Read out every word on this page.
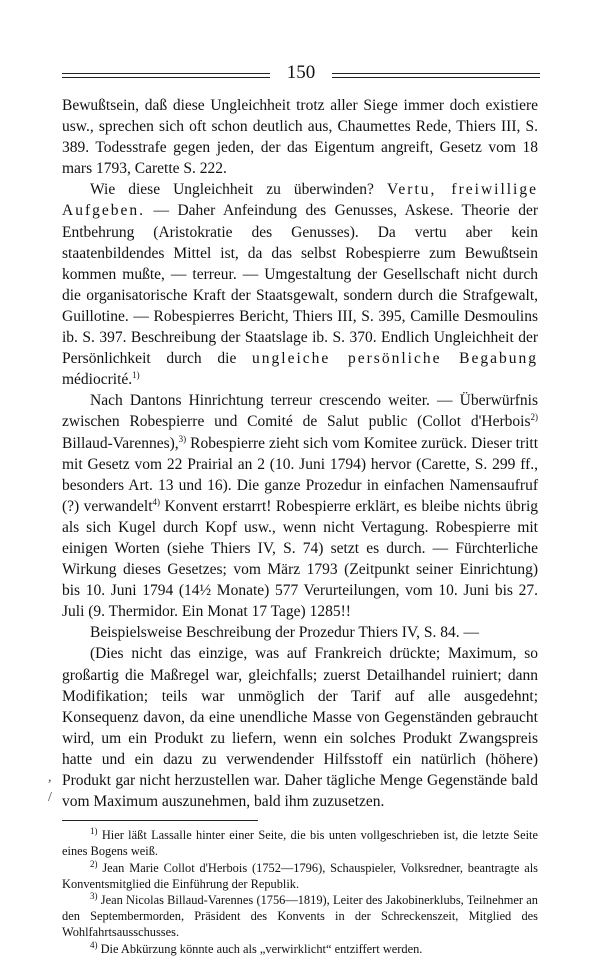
150
,
/

Bewußtsein, daß diese Ungleichheit trotz aller Siege immer doch existiere usw., sprechen sich oft schon deutlich aus, Chaumettes Rede, Thiers III, S. 389. Todesstrafe gegen jeden, der das Eigentum angreift, Gesetz vom 18 mars 1793, Carette S. 222.

Wie diese Ungleichheit zu überwinden? Vertu, freiwillige Aufgeben. — Daher Anfeindung des Genusses, Askese. Theorie der Entbehrung (Aristokratie des Genusses). Da vertu aber kein staatenbildendes Mittel ist, da das selbst Robespierre zum Bewußtsein kommen mußte, — terreur. — Umgestaltung der Gesellschaft nicht durch die organisatorische Kraft der Staatsgewalt, sondern durch die Strafgewalt, Guillotine. — Robespierres Bericht, Thiers III, S. 395, Camille Desmoulins ib. S. 397. Beschreibung der Staatslage ib. S. 370. Endlich Ungleichheit der Persönlichkeit durch die ungleiche persönliche Begabung médiocrité.$^{1)}$

Nach Dantons Hinrichtung terreur crescendo weiter. — Überwürfnis zwischen Robespierre und Comité de Salut public (Collot d'Herbois$^{2)}$ Billaud-Varennes),$^{3)}$ Robespierre zieht sich vom Komitee zurück. Dieser tritt mit Gesetz vom 22 Prairial an 2 (10. Juni 1794) hervor (Carette, S. 299 ff., besonders Art. 13 und 16). Die ganze Prozedur in einfachen Namensaufruf (?) verwandelt$^{4)}$ Konvent erstarrt! Robespierre erklärt, es bleibe nichts übrig als sich Kugel durch Kopf usw., wenn nicht Vertagung. Robespierre mit einigen Worten (siehe Thiers IV, S. 74) setzt es durch. — Fürchterliche Wirkung dieses Gesetzes; vom März 1793 (Zeitpunkt seiner Einrichtung) bis 10. Juni 1794 (14½ Monate) 577 Verurteilungen, vom 10. Juni bis 27. Juli (9. Thermidor. Ein Monat 17 Tage) 1285!!

Beispielsweise Beschreibung der Prozedur Thiers IV, S. 84. —

(Dies nicht das einzige, was auf Frankreich drückte; Maximum, so großartig die Maßregel war, gleichfalls; zuerst Detailhandel ruiniert; dann Modifikation; teils war unmöglich der Tarif auf alle ausgedehnt; Konsequenz davon, da eine unendliche Masse von Gegenständen gebraucht wird, um ein Produkt zu liefern, wenn ein solches Produkt Zwangspreis hatte und ein dazu zu verwendender Hilfsstoff ein natürlich (höhere) Produkt gar nicht herzustellen war. Daher tägliche Menge Gegenstände bald vom Maximum auszunehmen, bald ihm zuzusetzen.

$^{1)}$ Hier läßt Lassalle hinter einer Seite, die bis unten vollgeschrieben ist, die letzte Seite eines Bogens weiß.

$^{2)}$ Jean Marie Collot d'Herbois (1752—1796), Schauspieler, Volksredner, beantragte als Konventsmitglied die Einführung der Republik.

$^{3)}$ Jean Nicolas Billaud-Varennes (1756—1819), Leiter des Jakobinerklubs, Teilnehmer an den Septembermorden, Präsident des Konvents in der Schreckenszeit, Mitglied des Wohlfahrtsausschusses.

$^{4)}$ Die Abkürzung könnte auch als „verwirklicht“ entziffert werden.
